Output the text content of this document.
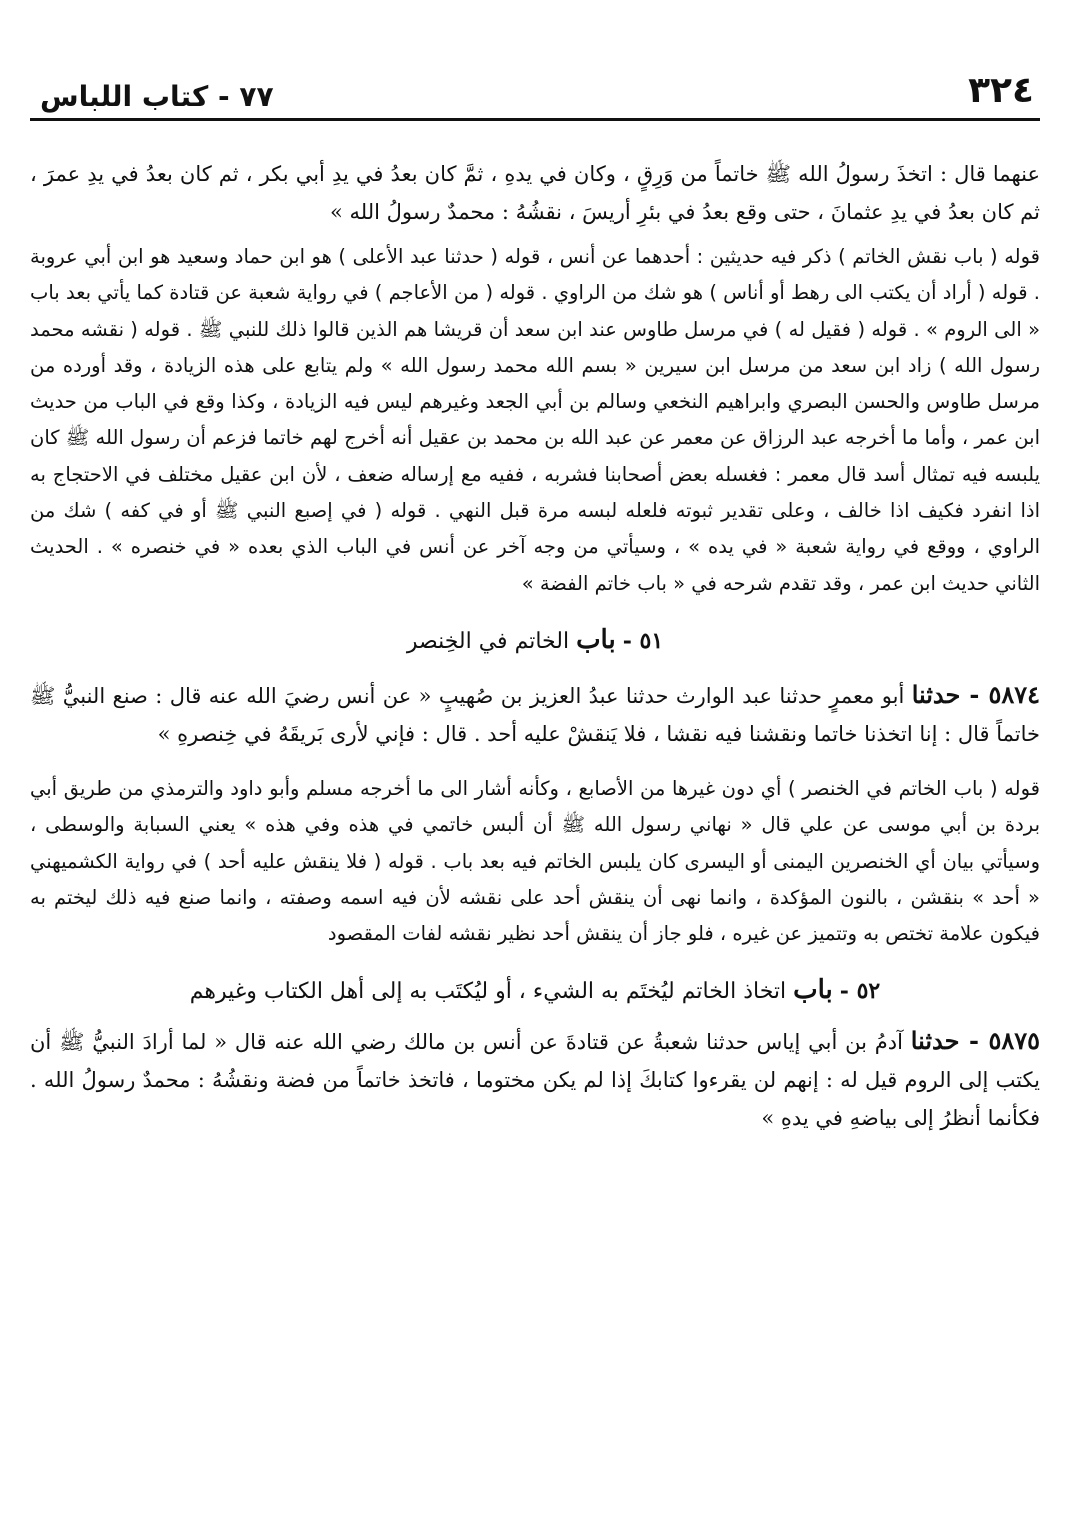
٣٢٤
٧٧ - كتاب اللباس

عنهما قال : اتخذَ رسولُ الله ﷺ خاتماً من وَرِقٍ ، وكان في يدهِ ، ثمَّ كان بعدُ في يدِ أبي بكر ، ثم كان بعدُ في يدِ عمرَ ، ثم كان بعدُ في يدِ عثمانَ ، حتى وقع بعدُ في بئرِ أريسَ ، نقشُهُ : محمدٌ رسولُ الله »

قوله ( باب نقش الخاتم ) ذكر فيه حديثين : أحدهما عن أنس ، قوله ( حدثنا عبد الأعلى ) هو ابن حماد وسعيد هو ابن أبي عروبة . قوله ( أراد أن يكتب الى رهط أو أناس ) هو شك من الراوي . قوله ( من الأعاجم ) في رواية شعبة عن قتادة كما يأتي بعد باب « الى الروم » . قوله ( فقيل له ) في مرسل طاوس عند ابن سعد أن قريشا هم الذين قالوا ذلك للنبي ﷺ . قوله ( نقشه محمد رسول الله ) زاد ابن سعد من مرسل ابن سيرين « بسم الله محمد رسول الله » ولم يتابع على هذه الزيادة ، وقد أورده من مرسل طاوس والحسن البصري وابراهيم النخعي وسالم بن أبي الجعد وغيرهم ليس فيه الزيادة ، وكذا وقع في الباب من حديث ابن عمر ، وأما ما أخرجه عبد الرزاق عن معمر عن عبد الله بن محمد بن عقيل أنه أخرج لهم خاتما فزعم أن رسول الله ﷺ كان يلبسه فيه تمثال أسد قال معمر : فغسله بعض أصحابنا فشربه ، ففيه مع إرساله ضعف ، لأن ابن عقيل مختلف في الاحتجاج به اذا انفرد فكيف اذا خالف ، وعلى تقدير ثبوته فلعله لبسه مرة قبل النهي . قوله ( في إصبع النبي ﷺ أو في كفه ) شك من الراوي ، ووقع في رواية شعبة « في يده » ، وسيأتي من وجه آخر عن أنس في الباب الذي بعده « في خنصره » . الحديث الثاني حديث ابن عمر ، وقد تقدم شرحه في « باب خاتم الفضة »

٥١ - باب الخاتم في الخِنصر

٥٨٧٤ - حدثنا أبو معمرٍ حدثنا عبد الوارث حدثنا عبدُ العزيز بن صُهيبٍ « عن أنس رضيَ الله عنه قال : صنع النبيُّ ﷺ خاتماً قال : إنا اتخذنا خاتما ونقشنا فيه نقشا ، فلا يَنقشْ عليه أحد . قال : فإني لأرى بَريقَهُ في خِنصرهِ »

قوله ( باب الخاتم في الخنصر ) أي دون غيرها من الأصابع ، وكأنه أشار الى ما أخرجه مسلم وأبو داود والترمذي من طريق أبي بردة بن أبي موسى عن علي قال « نهاني رسول الله ﷺ أن ألبس خاتمي في هذه وفي هذه » يعني السبابة والوسطى ، وسيأتي بيان أي الخنصرين اليمنى أو اليسرى كان يلبس الخاتم فيه بعد باب . قوله ( فلا ينقش عليه أحد ) في رواية الكشميهني « أحد » بنقشن ، بالنون المؤكدة ، وانما نهى أن ينقش أحد على نقشه لأن فيه اسمه وصفته ، وانما صنع فيه ذلك ليختم به فيكون علامة تختص به وتتميز عن غيره ، فلو جاز أن ينقش أحد نظير نقشه لفات المقصود

٥٢ - باب اتخاذ الخاتم ليُختَم به الشيء ، أو ليُكتَب به إلى أهل الكتاب وغيرهم

٥٨٧٥ - حدثنا آدمُ بن أبي إياس حدثنا شعبةُ عن قتادةَ عن أنس بن مالك رضي الله عنه قال « لما أرادَ النبيُّ ﷺ أن يكتب إلى الروم قيل له : إنهم لن يقرءوا كتابكَ إذا لم يكن مختوما ، فاتخذ خاتماً من فضة ونقشُهُ : محمدٌ رسولُ الله . فكأنما أنظرُ إلى بياضهِ في يدهِ »
